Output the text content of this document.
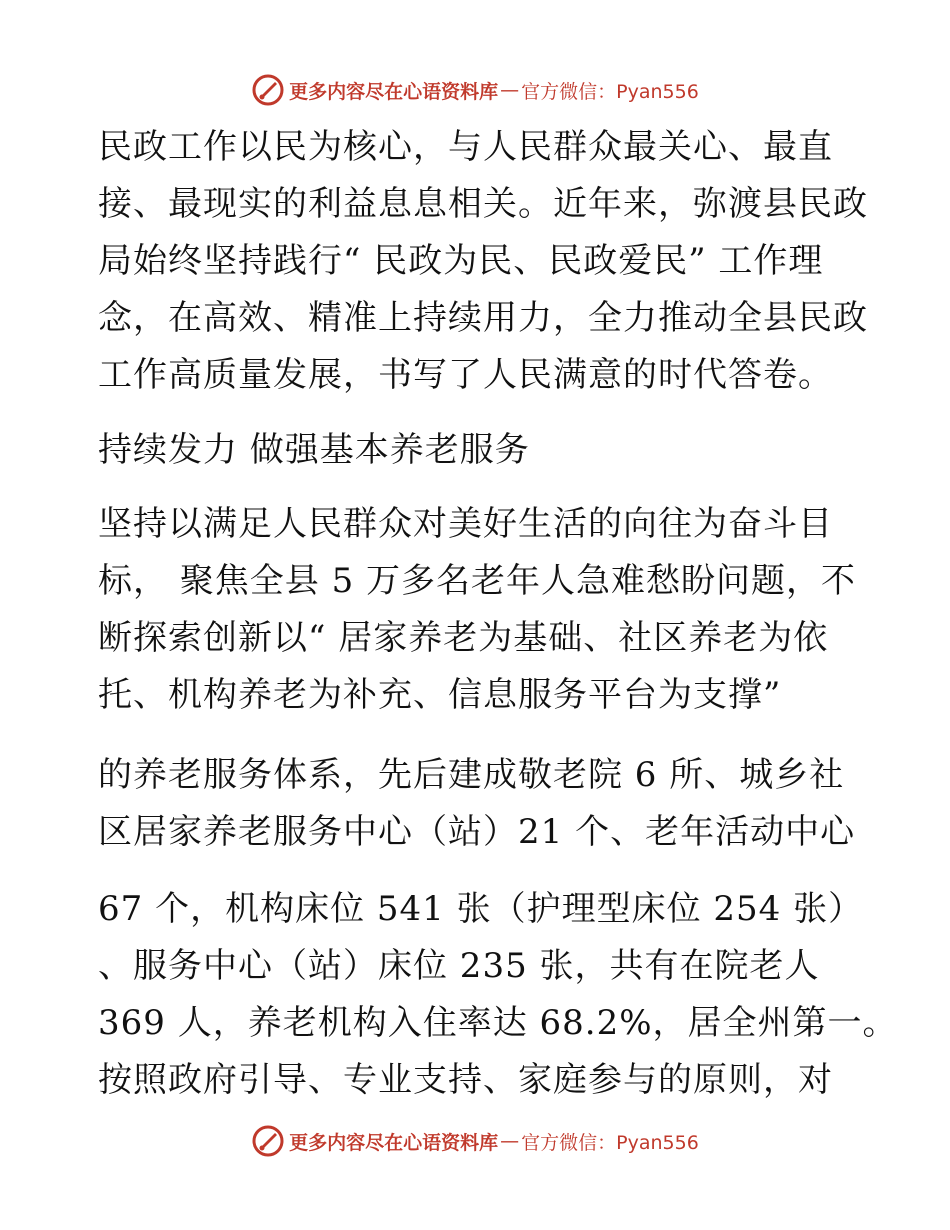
更多内容尽在心语资料库 — 官方微信：Pyan556
民政工作以民为核心，与人民群众最关心、最直
接、最现实的利益息息相关。近年来，弥渡县民政
局始终坚持践行“ 民政为民、民政爱民” 工作理
念，在高效、精准上持续用力，全力推动全县民政
工作高质量发展，书写了人民满意的时代答卷。
持续发力 做强基本养老服务
坚持以满足人民群众对美好生活的向往为奋斗目
标， 聚焦全县 5 万多名老年人急难愁盼问题，不
断探索创新以“ 居家养老为基础、社区养老为依
托、机构养老为补充、信息服务平台为支撑”
的养老服务体系，先后建成敬老院 6 所、城乡社
区居家养老服务中心（站）21 个、老年活动中心
67 个，机构床位 541 张（护理型床位 254 张）
、服务中心（站）床位 235 张，共有在院老人
369 人，养老机构入住率达 68.2%，居全州第一。
按照政府引导、专业支持、家庭参与的原则，对
更多内容尽在心语资料库 — 官方微信：Pyan556
